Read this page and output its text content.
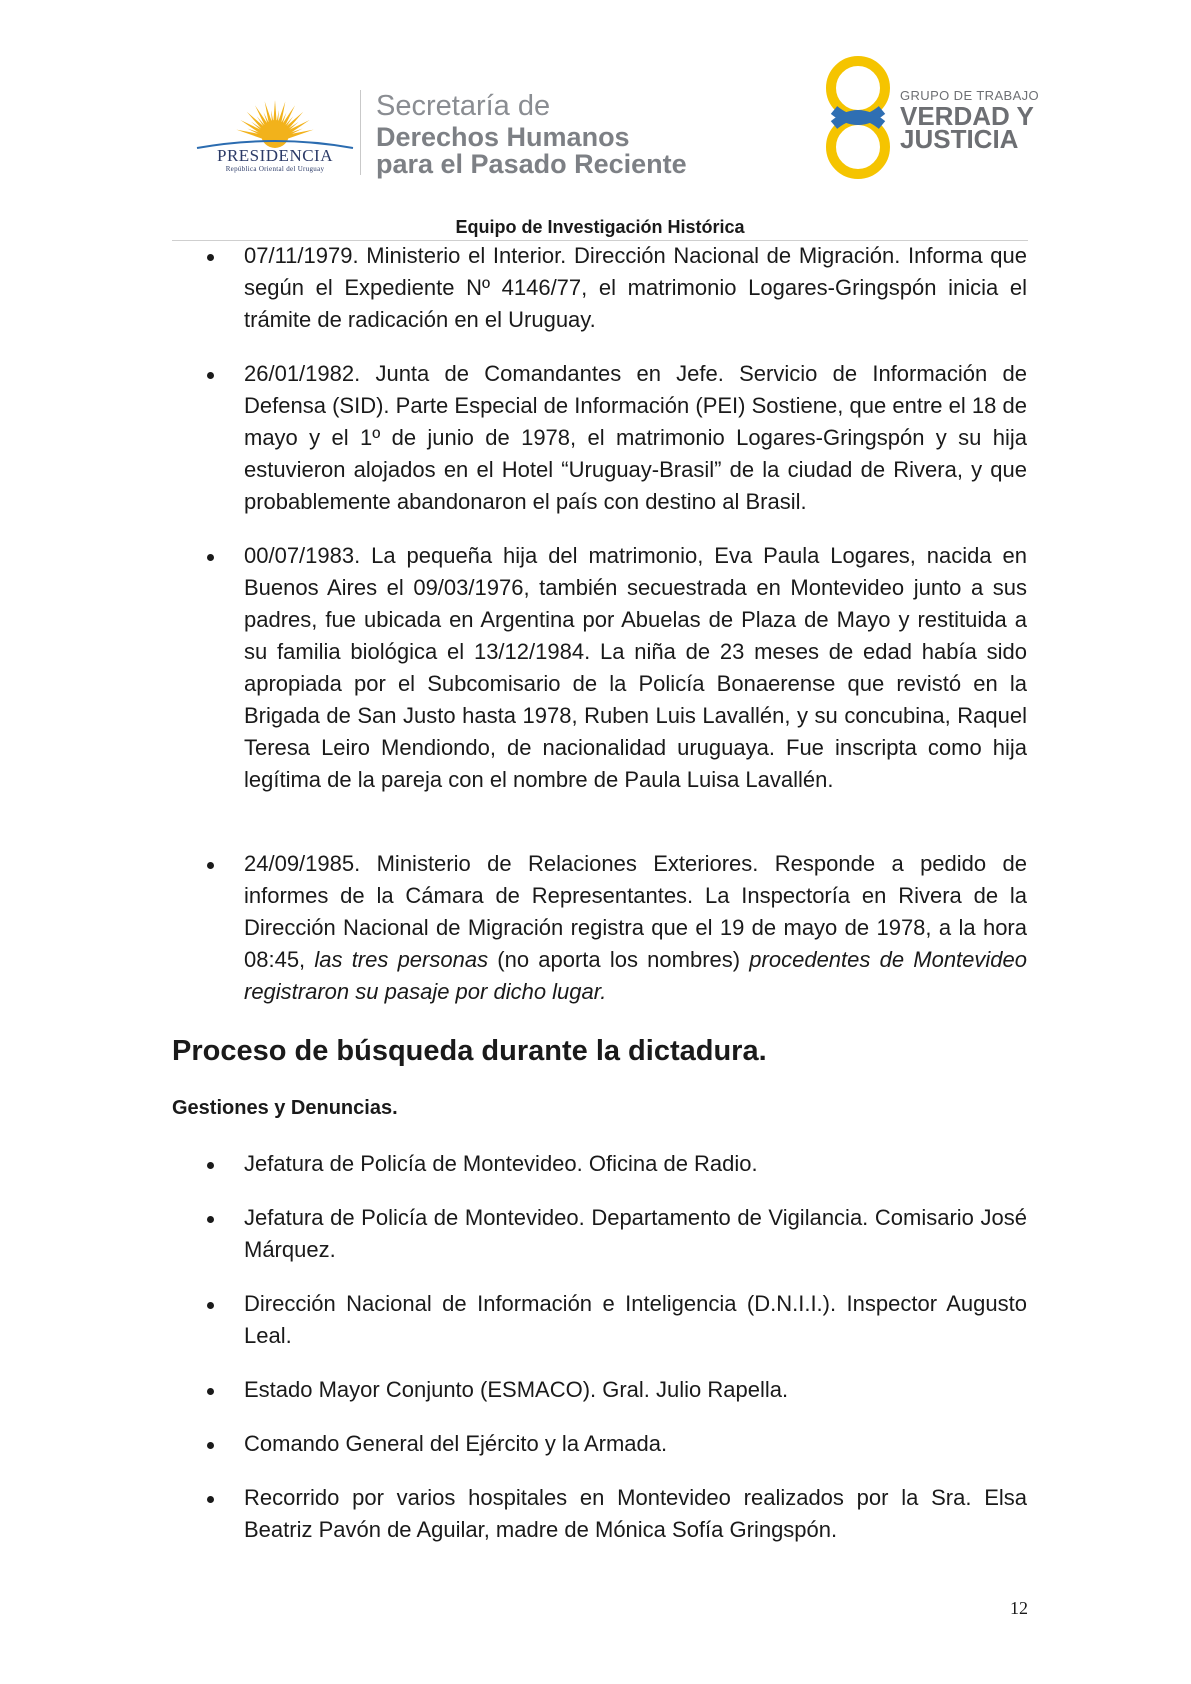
PRESIDENCIA
República Oriental del Uruguay
Secretaría de
Derechos Humanos
para el Pasado Reciente
GRUPO DE TRABAJO
VERDAD Y
JUSTICIA
Equipo de Investigación Histórica
07/11/1979. Ministerio el Interior. Dirección Nacional de Migración. Informa que según el Expediente Nº 4146/77, el matrimonio Logares-Gringspón inicia el trámite de radicación en el Uruguay.
26/01/1982. Junta de Comandantes en Jefe. Servicio de Información de Defensa (SID). Parte Especial de Información (PEI) Sostiene, que entre el 18 de mayo y el 1º de junio de 1978, el matrimonio Logares-Gringspón y su hija estuvieron alojados en el Hotel “Uruguay-Brasil” de la ciudad de Rivera, y que probablemente abandonaron el país con destino al Brasil.
00/07/1983. La pequeña hija del matrimonio, Eva Paula Logares, nacida en Buenos Aires el 09/03/1976, también secuestrada en Montevideo junto a sus padres, fue ubicada en Argentina por Abuelas de Plaza de Mayo y restituida a su familia biológica el 13/12/1984. La niña de 23 meses de edad había sido apropiada por el Subcomisario de la Policía Bonaerense que revistó en la Brigada de San Justo hasta 1978, Ruben Luis Lavallén, y su concubina, Raquel Teresa Leiro Mendiondo, de nacionalidad uruguaya. Fue inscripta como hija legítima de la pareja con el nombre de Paula Luisa Lavallén.
24/09/1985. Ministerio de Relaciones Exteriores. Responde a pedido de informes de la Cámara de Representantes. La Inspectoría en Rivera de la Dirección Nacional de Migración registra que el 19 de mayo de 1978, a la hora 08:45, las tres personas (no aporta los nombres) procedentes de Montevideo registraron su pasaje por dicho lugar.
Proceso de búsqueda durante la dictadura.
Gestiones y Denuncias.
Jefatura de Policía de Montevideo. Oficina de Radio.
Jefatura de Policía de Montevideo. Departamento de Vigilancia. Comisario José Márquez.
Dirección Nacional de Información e Inteligencia (D.N.I.I.). Inspector Augusto Leal.
Estado Mayor Conjunto (ESMACO). Gral. Julio Rapella.
Comando General del Ejército y la Armada.
Recorrido por varios hospitales en Montevideo realizados por la Sra. Elsa Beatriz Pavón de Aguilar, madre de Mónica Sofía Gringspón.
12
